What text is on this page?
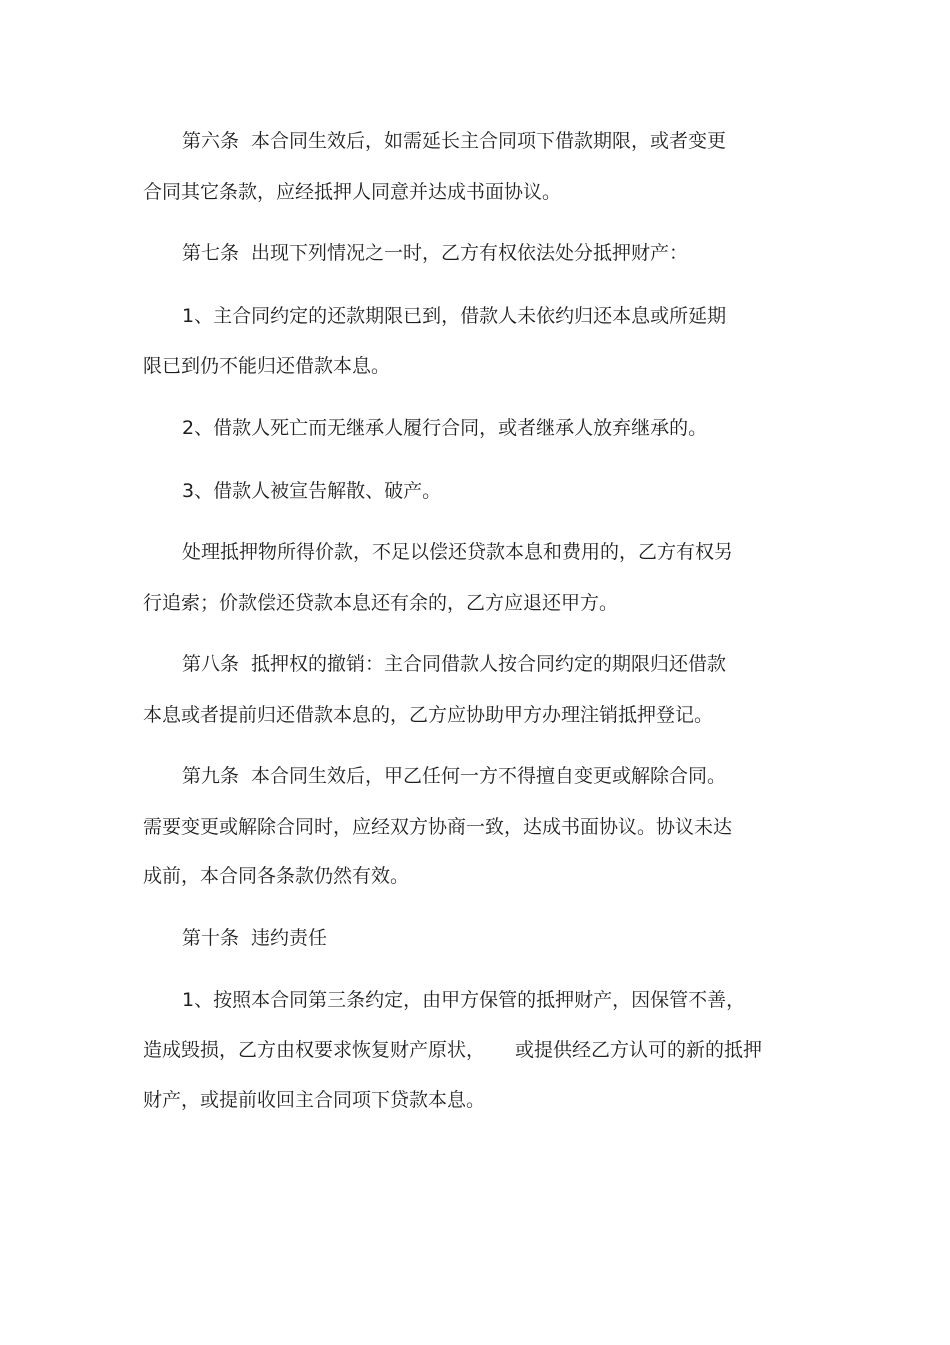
第六条 本合同生效后，如需延长主合同项下借款期限，或者变更
合同其它条款，应经抵押人同意并达成书面协议。
第七条 出现下列情况之一时，乙方有权依法处分抵押财产：
1、主合同约定的还款期限已到，借款人未依约归还本息或所延期
限已到仍不能归还借款本息。
2、借款人死亡而无继承人履行合同，或者继承人放弃继承的。
3、借款人被宣告解散、破产。
处理抵押物所得价款，不足以偿还贷款本息和费用的，乙方有权另
行追索；价款偿还贷款本息还有余的，乙方应退还甲方。
第八条 抵押权的撤销：主合同借款人按合同约定的期限归还借款
本息或者提前归还借款本息的，乙方应协助甲方办理注销抵押登记。
第九条 本合同生效后，甲乙任何一方不得擅自变更或解除合同。
需要变更或解除合同时，应经双方协商一致，达成书面协议。协议未达
成前，本合同各条款仍然有效。
第十条 违约责任
1、按照本合同第三条约定，由甲方保管的抵押财产，因保管不善，
造成毁损，乙方由权要求恢复财产原状， 或提供经乙方认可的新的抵押
财产，或提前收回主合同项下贷款本息。
